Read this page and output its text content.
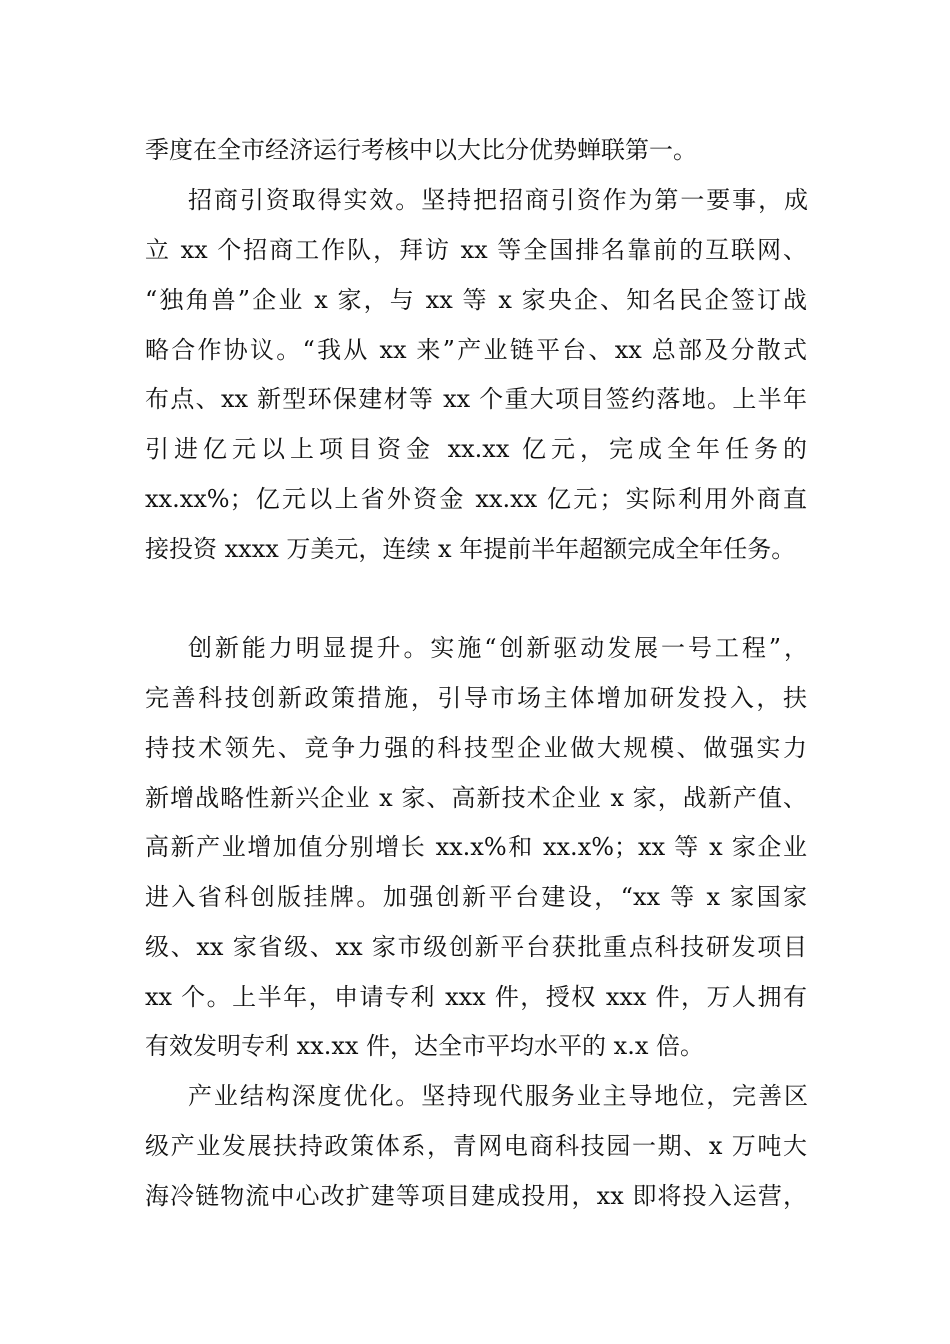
季度在全市经济运行考核中以大比分优势蝉联第一。
招商引资取得实效。坚持把招商引资作为第一要事，成
立 xx 个招商工作队，拜访 xx 等全国排名靠前的互联网、
“独角兽”企业 x 家，与 xx 等 x 家央企、知名民企签订战
略合作协议。“我从 xx 来”产业链平台、xx 总部及分散式
布点、xx 新型环保建材等 xx 个重大项目签约落地。上半年
引进亿元以上项目资金 xx.xx 亿元，完成全年任务的
xx.xx%；亿元以上省外资金 xx.xx 亿元；实际利用外商直
接投资 xxxx 万美元，连续 x 年提前半年超额完成全年任务。
创新能力明显提升。实施“创新驱动发展一号工程”，
完善科技创新政策措施，引导市场主体增加研发投入，扶
持技术领先、竞争力强的科技型企业做大规模、做强实力
新增战略性新兴企业 x 家、高新技术企业 x 家，战新产值、
高新产业增加值分别增长 xx.x%和 xx.x%；xx 等 x 家企业
进入省科创版挂牌。加强创新平台建设，“xx 等 x 家国家
级、xx 家省级、xx 家市级创新平台获批重点科技研发项目
xx 个。上半年，申请专利 xxx 件，授权 xxx 件，万人拥有
有效发明专利 xx.xx 件，达全市平均水平的 x.x 倍。
产业结构深度优化。坚持现代服务业主导地位，完善区
级产业发展扶持政策体系，青网电商科技园一期、x 万吨大
海冷链物流中心改扩建等项目建成投用，xx 即将投入运营，
